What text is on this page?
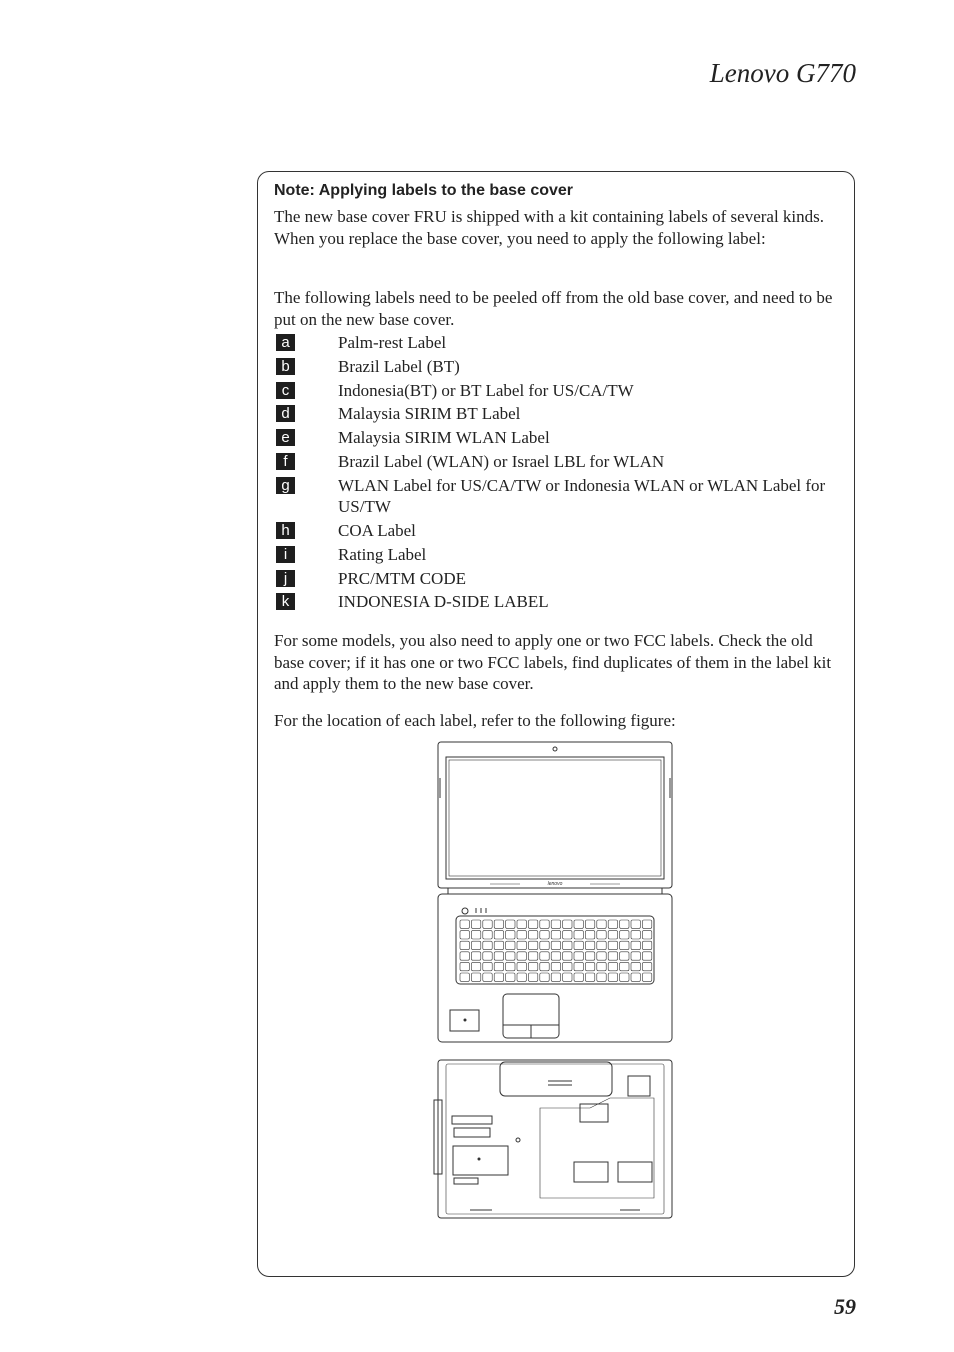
Lenovo G770
Note: Applying labels to the base cover
The new base cover FRU is shipped with a kit containing labels of several kinds. When you replace the base cover, you need to apply the following label:
The following labels need to be peeled off from the old base cover, and need to be put on the new base cover.
a	Palm-rest Label
b	Brazil Label (BT)
c	Indonesia(BT) or BT Label for US/CA/TW
d	Malaysia SIRIM BT Label
e	Malaysia SIRIM WLAN Label
f	Brazil Label (WLAN) or Israel LBL for WLAN
g	WLAN Label for US/CA/TW or Indonesia WLAN or WLAN Label for US/TW
h	COA Label
i	Rating Label
j	PRC/MTM CODE
k	INDONESIA D-SIDE LABEL
For some models, you also need to apply one or two FCC labels. Check the old base cover; if it has one or two FCC labels, find duplicates of them in the label kit and apply them to the new base cover.
For the location of each label, refer to the following figure:
lenovo
59
